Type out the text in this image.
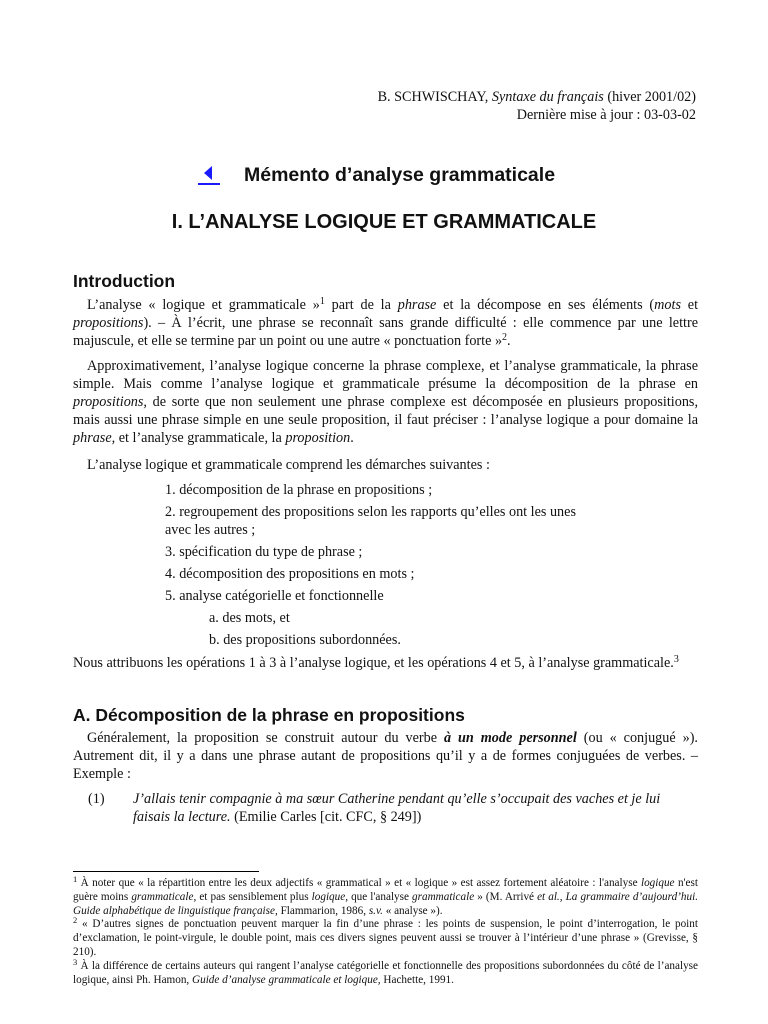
B. SCHWISCHAY, Syntaxe du français (hiver 2001/02)
Dernière mise à jour : 03-03-02
Mémento d’analyse grammaticale
I. L’ANALYSE LOGIQUE ET GRAMMATICALE
Introduction

L’analyse « logique et grammaticale »$^1$ part de la phrase et la décompose en ses éléments (mots et propositions). – À l’écrit, une phrase se reconnaît sans grande difficulté : elle commence par une lettre majuscule, et elle se termine par un point ou une autre « ponctuation forte »$^2$.

Approximativement, l’analyse logique concerne la phrase complexe, et l’analyse grammaticale, la phrase simple. Mais comme l’analyse logique et grammaticale présume la décomposition de la phrase en propositions, de sorte que non seulement une phrase complexe est décomposée en plusieurs propositions, mais aussi une phrase simple en une seule proposition, il faut préciser : l’analyse logique a pour domaine la phrase, et l’analyse grammaticale, la proposition.

L’analyse logique et grammaticale comprend les démarches suivantes :

1. décomposition de la phrase en propositions ;
2. regroupement des propositions selon les rapports qu’elles ont les unes avec les autres ;
3. spécification du type de phrase ;
4. décomposition des propositions en mots ;
5. analyse catégorielle et fonctionnelle
a. des mots, et
b. des propositions subordonnées.

Nous attribuons les opérations 1 à 3 à l’analyse logique, et les opérations 4 et 5, à l’analyse grammaticale.$^3$

A. Décomposition de la phrase en propositions

Généralement, la proposition se construit autour du verbe à un mode personnel (ou « conjugué »). Autrement dit, il y a dans une phrase autant de propositions qu’il y a de formes conjuguées de verbes. – Exemple :

(1) J’allais tenir compagnie à ma sœur Catherine pendant qu’elle s’occupait des vaches et je lui faisais la lecture. (Emilie Carles [cit. CFC, § 249])

$^1$ À noter que « la répartition entre les deux adjectifs « grammatical » et « logique » est assez fortement aléatoire : l'analyse logique n'est guère moins grammaticale, et pas sensiblement plus logique, que l'analyse grammaticale » (M. Arrivé et al., La grammaire d’aujourd’hui. Guide alphabétique de linguistique française, Flammarion, 1986, s.v. « analyse »).

$^2$ « D’autres signes de ponctuation peuvent marquer la fin d’une phrase : les points de suspension, le point d’interrogation, le point d’exclamation, le point-virgule, le double point, mais ces divers signes peuvent aussi se trouver à l’intérieur d’une phrase » (Grevisse, § 210).

$^3$ À la différence de certains auteurs qui rangent l’analyse catégorielle et fonctionnelle des propositions subordonnées du côté de l’analyse logique, ainsi Ph. Hamon, Guide d’analyse grammaticale et logique, Hachette, 1991.
